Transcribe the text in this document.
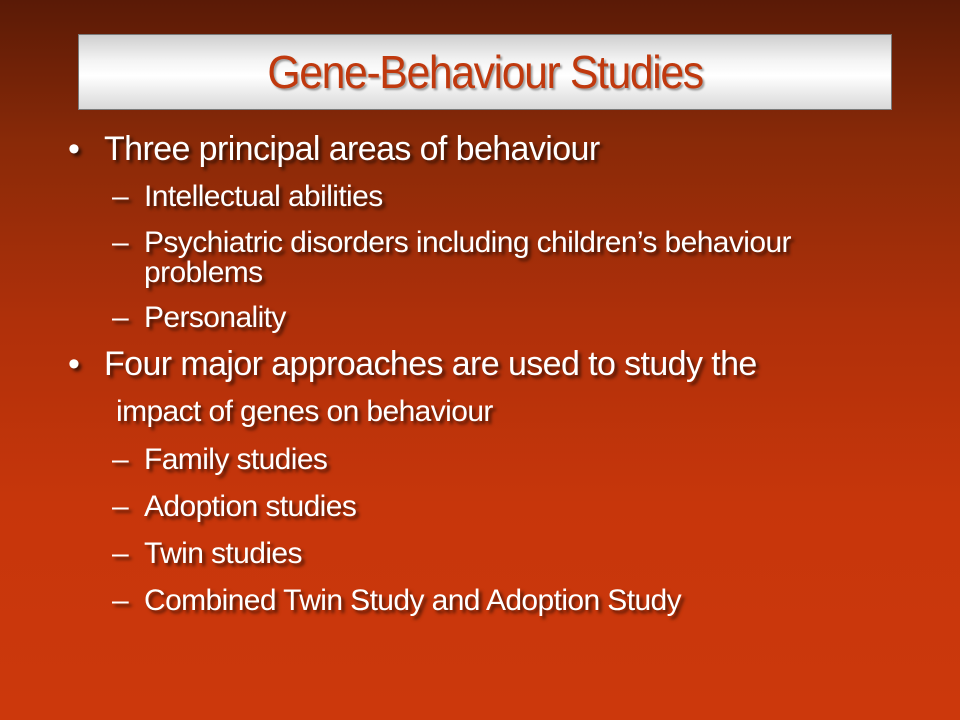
Gene-Behaviour Studies
• Three principal areas of behaviour
– Intellectual abilities
– Psychiatric disorders including children’s behaviour
problems
– Personality
• Four major approaches are used to study the
impact of genes on behaviour
– Family studies
– Adoption studies
– Twin studies
– Combined Twin Study and Adoption Study
